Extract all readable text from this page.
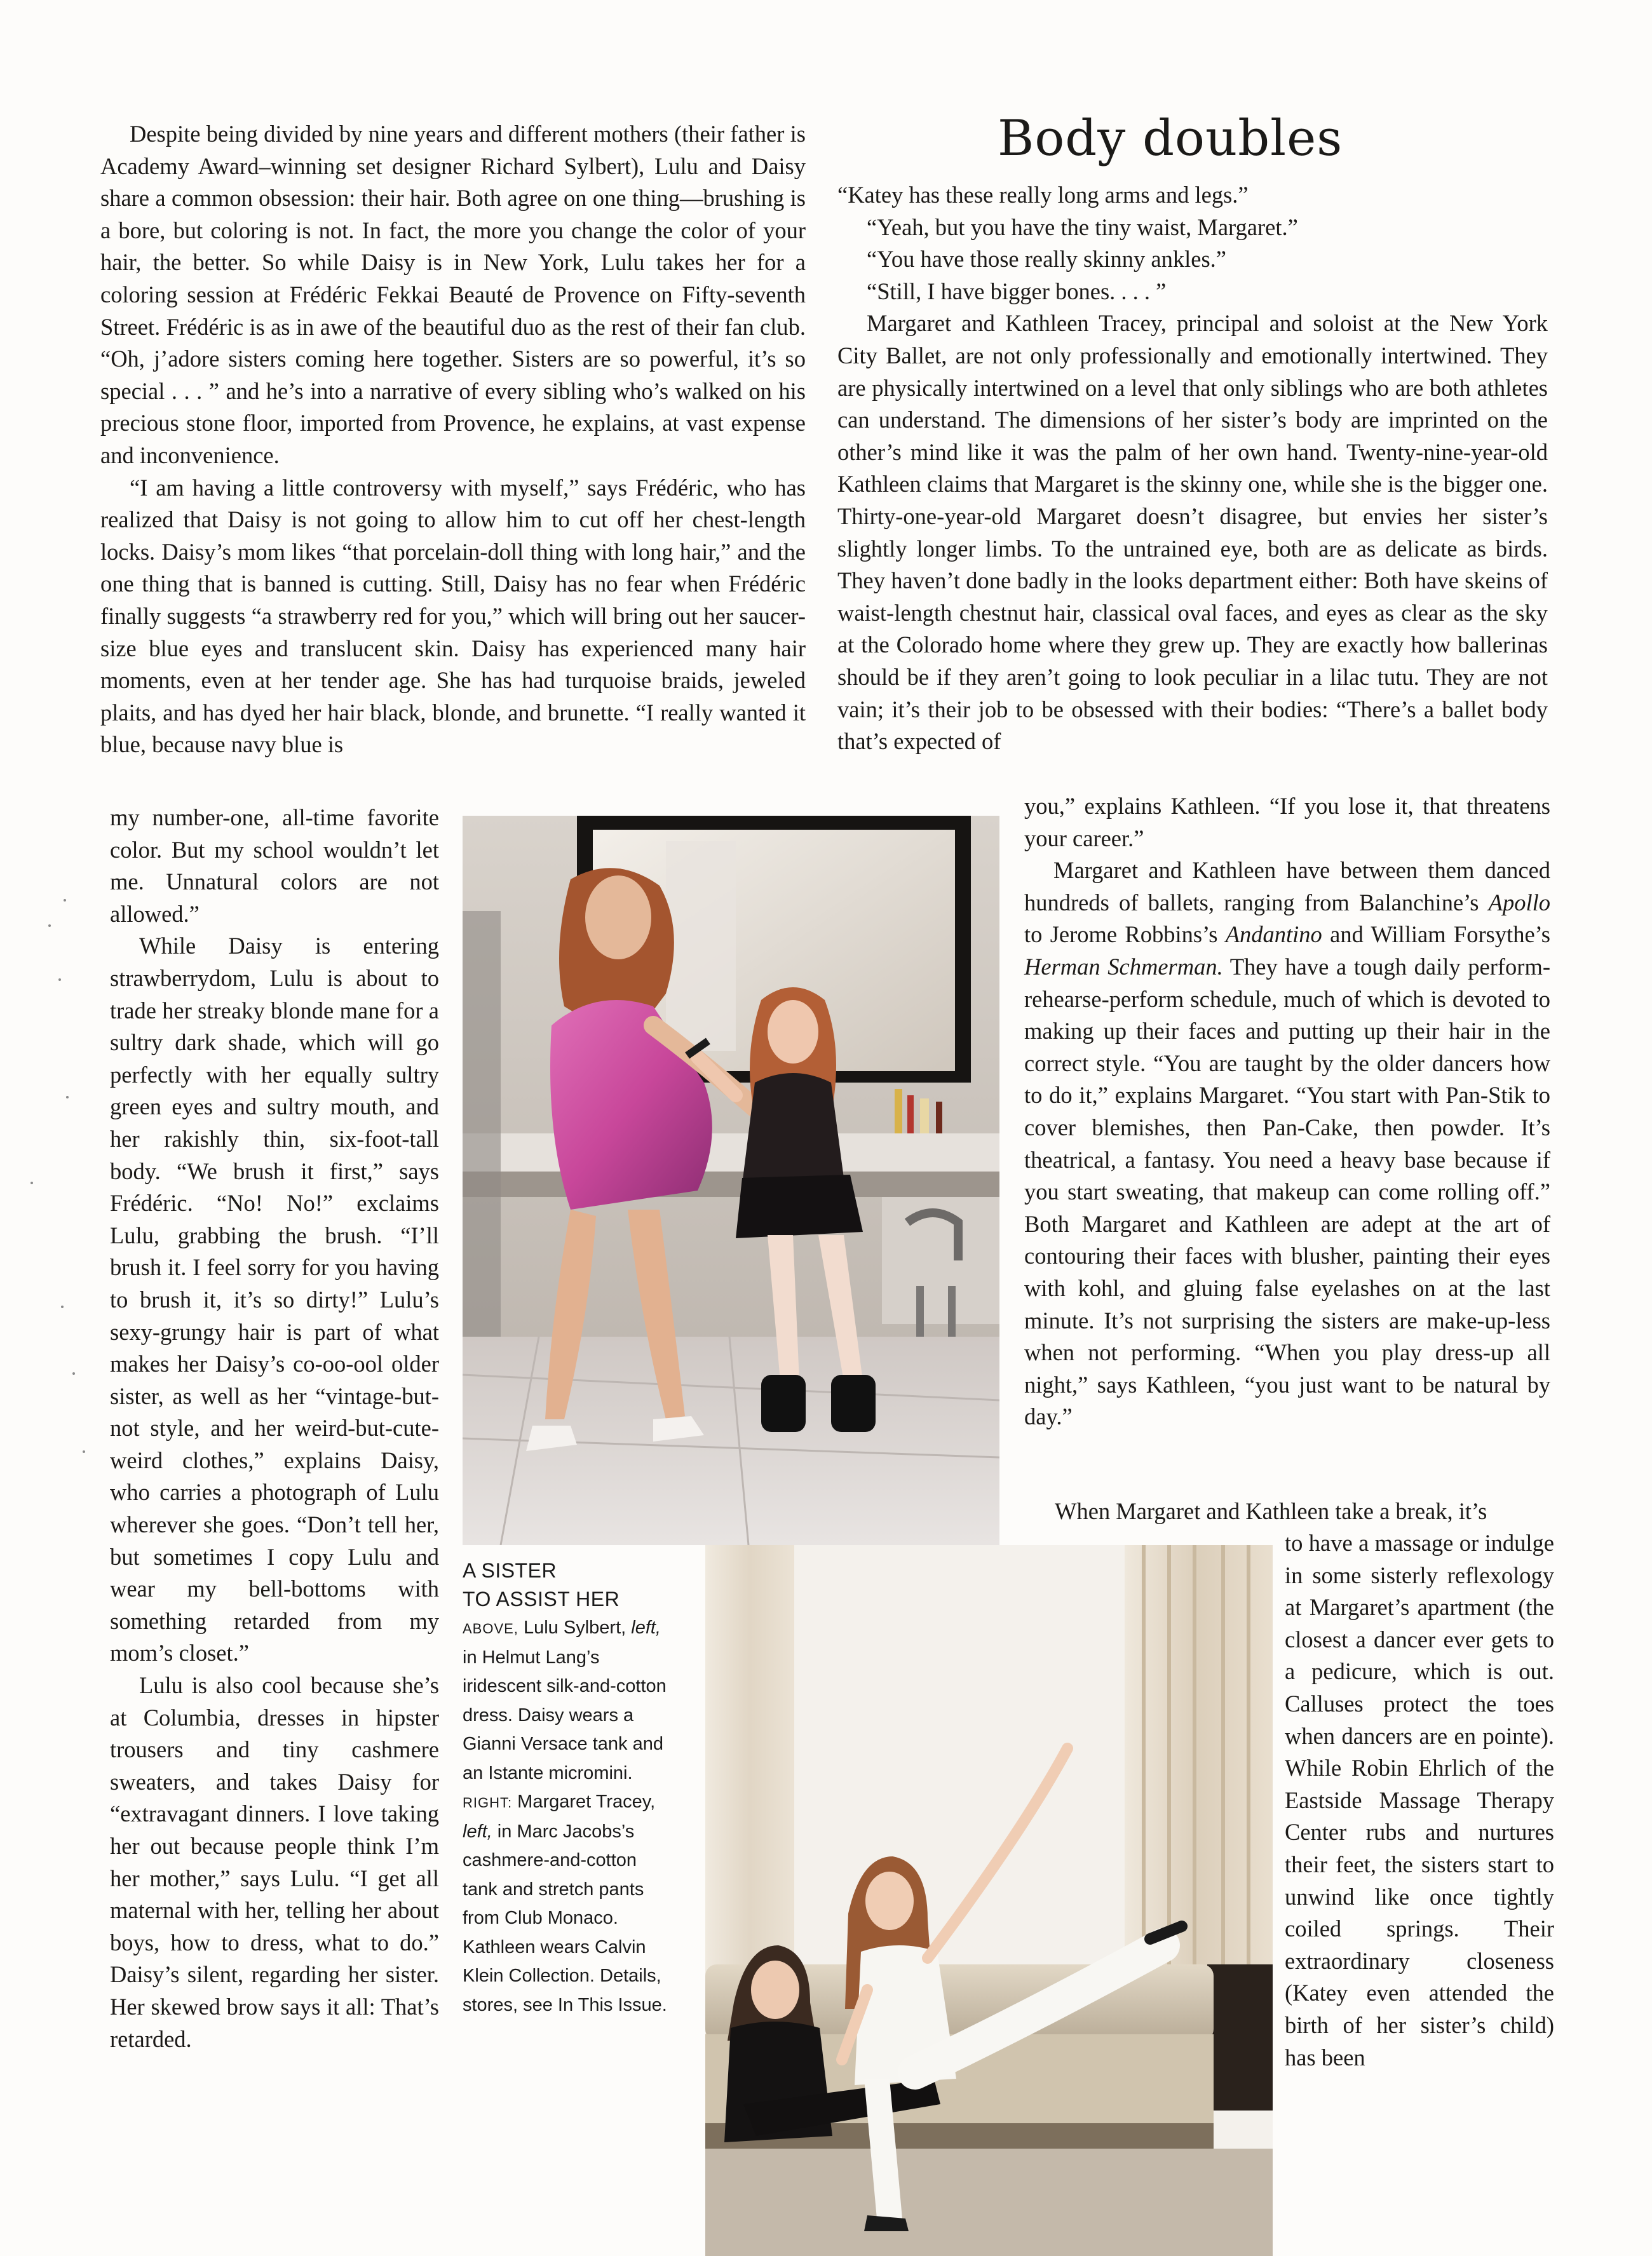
Body doubles

Despite being divided by nine years and different mothers (their father is Academy Award–winning set designer Richard Sylbert), Lulu and Daisy share a common obsession: their hair. Both agree on one thing—brushing is a bore, but coloring is not. In fact, the more you change the color of your hair, the better. So while Daisy is in New York, Lulu takes her for a coloring session at Frédéric Fekkai Beauté de Provence on Fifty-seventh Street. Frédéric is as in awe of the beautiful duo as the rest of their fan club. “Oh, j’adore sisters coming here together. Sisters are so powerful, it’s so special . . . ” and he’s into a narrative of every sibling who’s walked on his precious stone floor, imported from Provence, he explains, at vast expense and inconvenience.

“I am having a little controversy with myself,” says Frédéric, who has realized that Daisy is not going to allow him to cut off her chest-length locks. Daisy’s mom likes “that porcelain-doll thing with long hair,” and the one thing that is banned is cutting. Still, Daisy has no fear when Frédéric finally suggests “a strawberry red for you,” which will bring out her saucer-size blue eyes and translucent skin. Daisy has experienced many hair moments, even at her tender age. She has had turquoise braids, jeweled plaits, and has dyed her hair black, blonde, and brunette. “I really wanted it blue, because navy blue is

my number-one, all-time favorite color. But my school wouldn’t let me. Unnatural colors are not allowed.”

While Daisy is entering strawberrydom, Lulu is about to trade her streaky blonde mane for a sultry dark shade, which will go perfectly with her equally sultry green eyes and sultry mouth, and her rakishly thin, six-foot-tall body. “We brush it first,” says Frédéric. “No! No!” exclaims Lulu, grabbing the brush. “I’ll brush it. I feel sorry for you having to brush it, it’s so dirty!” Lulu’s sexy-grungy hair is part of what makes her Daisy’s co-oo-ool older sister, as well as her “vintage-but-not style, and her weird-but-cute-weird clothes,” explains Daisy, who carries a photograph of Lulu wherever she goes. “Don’t tell her, but sometimes I copy Lulu and wear my bell-bottoms with something retarded from my mom’s closet.”

Lulu is also cool because she’s at Columbia, dresses in hipster trousers and tiny cashmere sweaters, and takes Daisy for “extravagant dinners. I love taking her out because people think I’m her mother,” says Lulu. “I get all maternal with her, telling her about boys, how to dress, what to do.” Daisy’s silent, regarding her sister. Her skewed brow says it all: That’s retarded.

“Katey has these really long arms and legs.”

“Yeah, but you have the tiny waist, Margaret.”

“You have those really skinny ankles.”

“Still, I have bigger bones. . . . ”

Margaret and Kathleen Tracey, principal and soloist at the New York City Ballet, are not only professionally and emotionally intertwined. They are physically intertwined on a level that only siblings who are both athletes can understand. The dimensions of her sister’s body are imprinted on the other’s mind like it was the palm of her own hand. Twenty-nine-year-old Kathleen claims that Margaret is the skinny one, while she is the bigger one. Thirty-one-year-old Margaret doesn’t disagree, but envies her sister’s slightly longer limbs. To the untrained eye, both are as delicate as birds. They haven’t done badly in the looks department either: Both have skeins of waist-length chestnut hair, classical oval faces, and eyes as clear as the sky at the Colorado home where they grew up. They are exactly how ballerinas should be if they aren’t going to look peculiar in a lilac tutu. They are not vain; it’s their job to be obsessed with their bodies: “There’s a ballet body that’s expected of

you,” explains Kathleen. “If you lose it, that threatens your career.”

Margaret and Kathleen have between them danced hundreds of ballets, ranging from Balanchine’s Apollo to Jerome Robbins’s Andantino and William Forsythe’s Herman Schmerman. They have a tough daily perform-rehearse-perform schedule, much of which is devoted to making up their faces and putting up their hair in the correct style. “You are taught by the older dancers how to do it,” explains Margaret. “You start with Pan-Stik to cover blemishes, then Pan-Cake, then powder. It’s theatrical, a fantasy. You need a heavy base because if you start sweating, that makeup can come rolling off.” Both Margaret and Kathleen are adept at the art of contouring their faces with blusher, painting their eyes with kohl, and gluing false eyelashes on at the last minute. It’s not surprising the sisters are make-up-less when not performing. “When you play dress-up all night,” says Kathleen, “you just want to be natural by day.”

When Margaret and Kathleen take a break, it’s

to have a massage or indulge in some sisterly reflexology at Margaret’s apartment (the closest a dancer ever gets to a pedicure, which is out. Calluses protect the toes when dancers are en pointe). While Robin Ehrlich of the Eastside Massage Therapy Center rubs and nurtures their feet, the sisters start to unwind like once tightly coiled springs. Their extraordinary closeness (Katey even attended the birth of her sister’s child) has been

A SISTER
TO ASSIST HER
ABOVE, Lulu Sylbert, left, in Helmut Lang’s iridescent silk-and-cotton dress. Daisy wears a Gianni Versace tank and an Istante micromini. RIGHT: Margaret Tracey, left, in Marc Jacobs’s cashmere-and-cotton tank and stretch pants from Club Monaco. Kathleen wears Calvin Klein Collection. Details, stores, see In This Issue.
